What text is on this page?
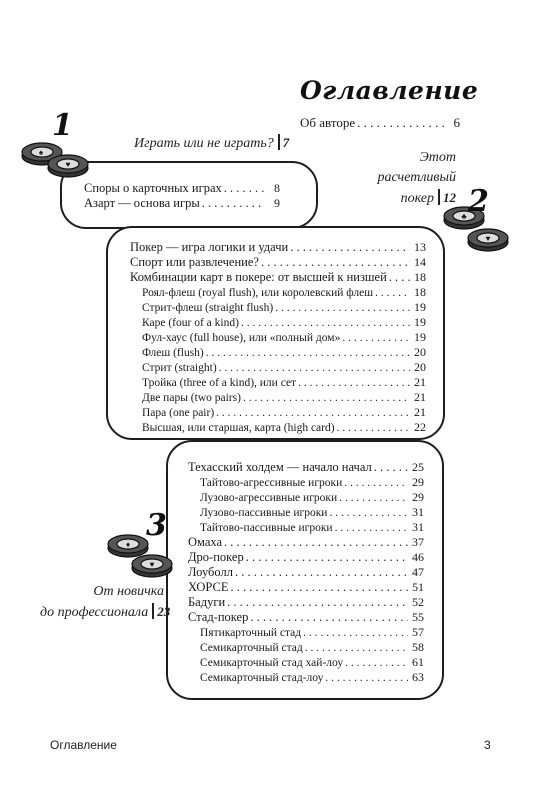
Оглавление
Об авторе . . .	6
Споры о карточных играх . . .	8
Азарт — основа игры . . .	9
Играть или не играть? 7
♠
♥
1
Покер — игра логики и удачи . . .	13
Спорт или развлечение? . . .	14
Комбинации карт в покере: от высшей к низшей . . . 18
Роял-флеш (royal flush), или королевский флеш . . .	18
Стрит-флеш (straight flush) . . .	19
Каре (four of a kind) . . .	19
Фул-хаус (full house), или «полный дом» . . .	19
Флеш (flush) . . .	20
Стрит (straight) . . .	20
Тройка (three of a kind), или сет . . .	21
Две пары (two pairs) . . .	21
Пара (one pair) . . .	21
Высшая, или старшая, карта (high card) . . .	22
Этот
расчетливый
покер 12
♣
♥
2
Техасский холдем — начало начал . . .	25
Тайтово-агрессивные игроки . . .	29
Лузово-агрессивные игроки . . .	29
Лузово-пассивные игроки . . .	31
Тайтово-пассивные игроки . . .	31
Омаха . . .	37
Дро-покер . . .	46
Лоуболл . . .	47
ХОРСЕ . . .	51
Бадуги . . .	52
Стад-покер . . .	55
Пятикарточный стад . . .	57
Семикарточный стад . . .	58
Семикарточный стад хай-лоу . . .	61
Семикарточный стад-лоу . . .	63
От новичка
до профессионала 23
♦
♥
3
Оглавление	3
